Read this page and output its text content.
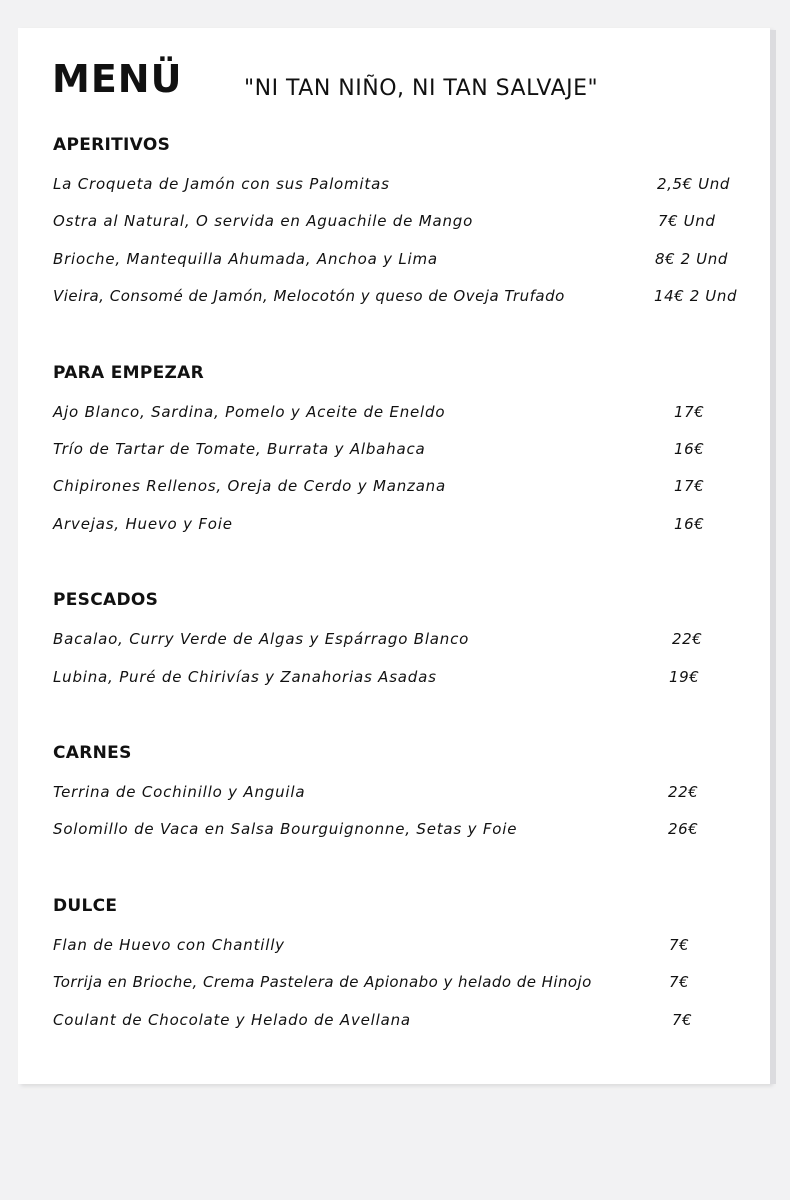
MENÜ	"NI TAN NIÑO, NI TAN SALVAJE"
APERITIVOS
La Croqueta de Jamón con sus Palomitas	2,5€ Und
Ostra al Natural, O servida en Aguachile de Mango	7€ Und
Brioche, Mantequilla Ahumada, Anchoa y Lima	8€ 2 Und
Vieira, Consomé de Jamón, Melocotón y queso de Oveja Trufado	14€ 2 Und
PARA EMPEZAR
Ajo Blanco, Sardina, Pomelo y Aceite de Eneldo	17€
Trío de Tartar de Tomate, Burrata y Albahaca	16€
Chipirones Rellenos, Oreja de Cerdo y Manzana	17€
Arvejas, Huevo y Foie	16€
PESCADOS
Bacalao, Curry Verde de Algas y Espárrago Blanco	22€
Lubina, Puré de Chirivías y Zanahorias Asadas	19€
CARNES
Terrina de Cochinillo y Anguila	22€
Solomillo de Vaca en Salsa Bourguignonne, Setas y Foie	26€
DULCE
Flan de Huevo con Chantilly	7€
Torrija en Brioche, Crema Pastelera de Apionabo y helado de Hinojo	7€
Coulant de Chocolate y Helado de Avellana	7€
